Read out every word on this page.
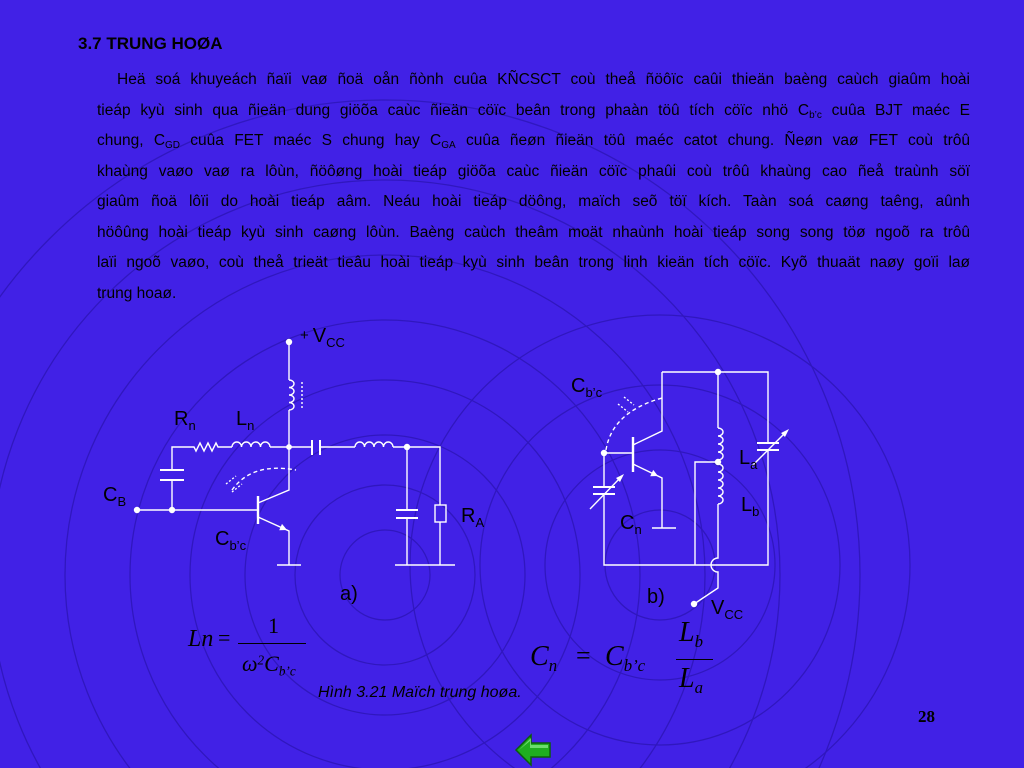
3.7 TRUNG HOØA
Heä soá khuyeách ñaïi vaø ñoä oån ñònh cuûa KÑCSCT coù theå ñöôïc caûi thieän baèng caùch giaûm hoài
tieáp kyù sinh qua ñieän dung giöõa caùc ñieän cöïc beân trong phaàn töû tích cöïc nhö Cb’c cuûa BJT maéc E
chung, CGD cuûa FET maéc S chung hay CGA cuûa ñeøn ñieän töû maéc catot chung. Ñeøn vaø FET coù trôû
khaùng vaøo vaø ra lôùn, ñöôøng hoài tieáp giöõa caùc ñieän cöïc phaûi coù trôû khaùng cao ñeå traùnh söï
giaûm ñoä lôïi do hoài tieáp aâm. Neáu hoài tieáp döông, maïch seõ töï kích. Taàn soá caøng taêng, aûnh
höôûng hoài tieáp kyù sinh caøng lôùn. Baèng caùch theâm moät nhaùnh hoài tieáp song song töø ngoõ ra trôû
laïi ngoõ vaøo, coù theå trieät tieâu hoài tieáp kyù sinh beân trong linh kieän tích cöïc. Kyõ thuaät naøy goïi laø
trung hoaø.
+ $V_{CC}$
$R_n$ $L_n$
$C_B$
$C_{b’c}$
$R_A$
a)
$C_{b’c}$
$L_a$
$L_b$
$C_n$
b) $V_{CC}$
Ln = 1
$\omega^2C_{b’c}$	$C_n = C_{b’c}$
$L_b$
$L_a$
Hình 3.21 Maïch trung hoøa.
28
